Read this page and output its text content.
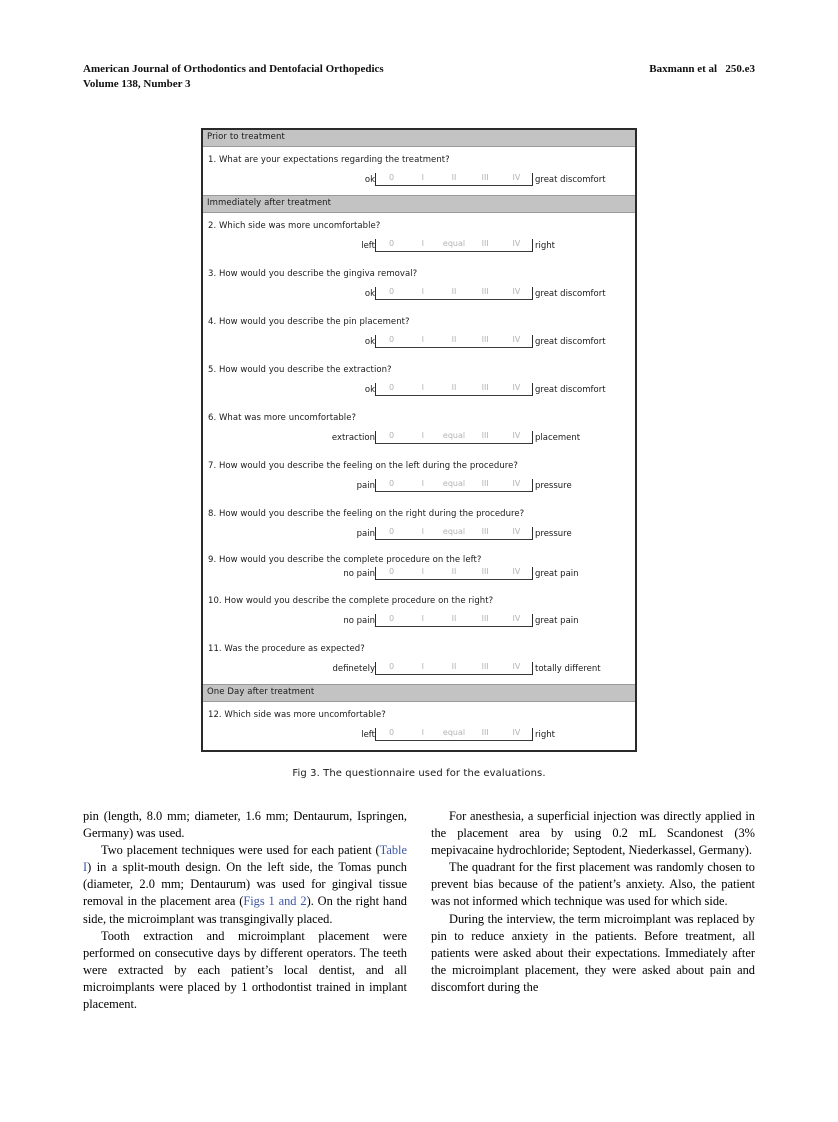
American Journal of Orthodontics and Dentofacial Orthopedics	Baxmann et al   250.e3
Volume 138, Number 3
Prior to treatment
1. What are your expectations regarding the treatment?
ok	0	I	II	III	IV	great discomfort
Immediately after treatment
2. Which side was more uncomfortable?
left	0	I	equal	III	IV	right
3. How would you describe the gingiva removal?
ok	0	I	II	III	IV	great discomfort
4. How would you describe the pin placement?
ok	0	I	II	III	IV	great discomfort
5. How would you describe the extraction?
ok	0	I	II	III	IV	great discomfort
6. What was more uncomfortable?
extraction	0	I	equal	III	IV	placement
7. How would you describe the feeling on the left during the procedure?
pain	0	I	equal	III	IV	pressure
8. How would you describe the feeling on the right during the procedure?
pain	0	I	equal	III	IV	pressure
9. How would you describe the complete procedure on the left?
no pain	0	I	II	III	IV	great pain
10. How would you describe the complete procedure on the right?
no pain	0	I	II	III	IV	great pain
11. Was the procedure as expected?
definetely	0	I	II	III	IV	totally different
One Day after treatment
12. Which side was more uncomfortable?
left	0	I	equal	III	IV	right
Fig 3. The questionnaire used for the evaluations.

pin (length, 8.0 mm; diameter, 1.6 mm; Dentaurum, Ispringen, Germany) was used.

Two placement techniques were used for each patient (Table I) in a split-mouth design. On the left side, the Tomas punch (diameter, 2.0 mm; Dentaurum) was used for gingival tissue removal in the placement area (Figs 1 and 2). On the right hand side, the microimplant was transgingivally placed.

Tooth extraction and microimplant placement were performed on consecutive days by different operators. The teeth were extracted by each patient’s local dentist, and all microimplants were placed by 1 orthodontist trained in implant placement.

For anesthesia, a superficial injection was directly applied in the placement area by using 0.2 mL Scandonest (3% mepivacaine hydrochloride; Septodent, Niederkassel, Germany).

The quadrant for the first placement was randomly chosen to prevent bias because of the patient’s anxiety. Also, the patient was not informed which technique was used for which side.

During the interview, the term microimplant was replaced by pin to reduce anxiety in the patients. Before treatment, all patients were asked about their expectations. Immediately after the microimplant placement, they were asked about pain and discomfort during the
